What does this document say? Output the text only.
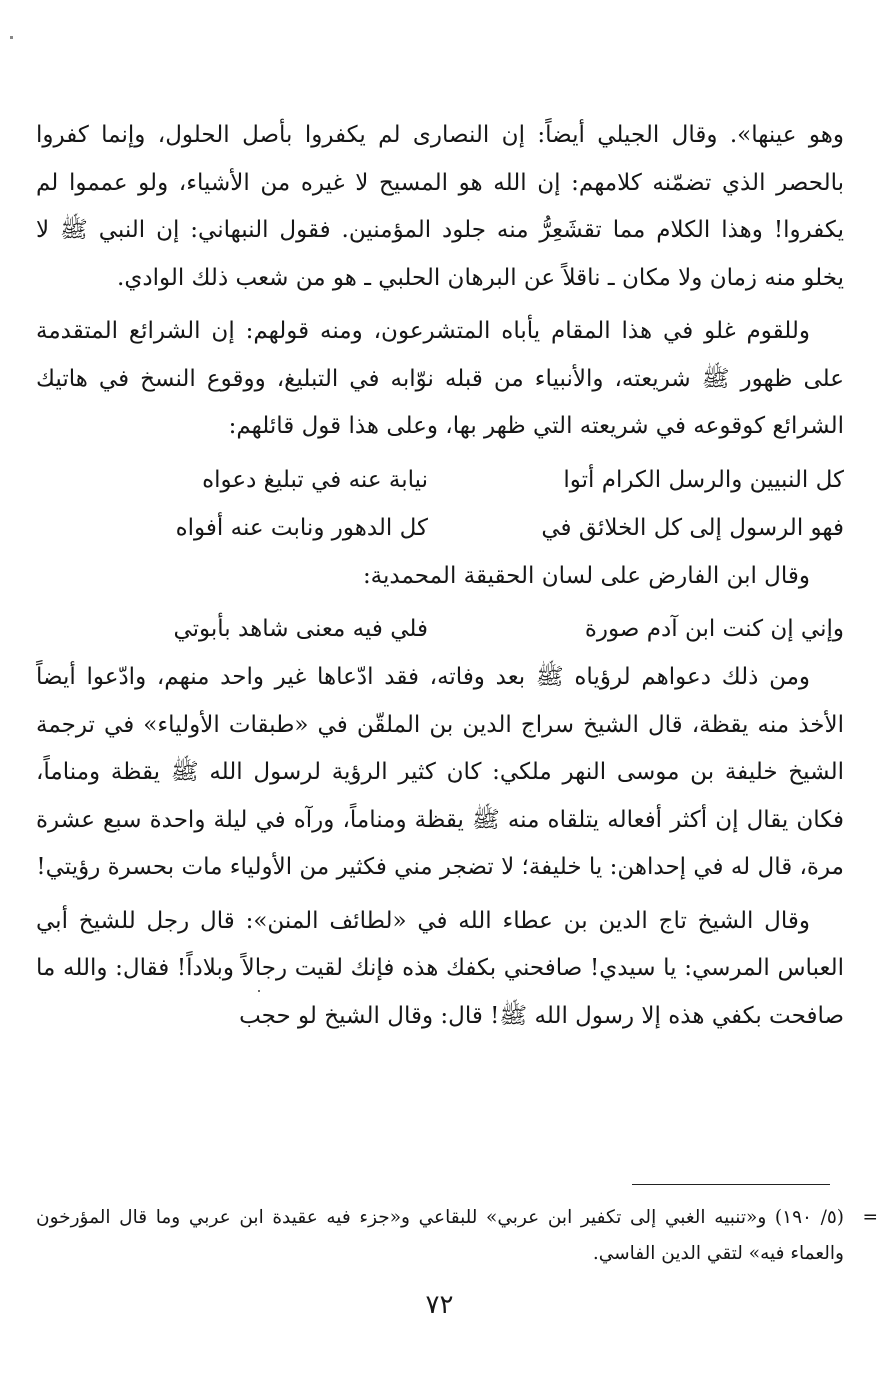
وهو عينها». وقال الجيلي أيضاً: إن النصارى لم يكفروا بأصل الحلول، وإنما كفروا بالحصر الذي تضمّنه كلامهم: إن الله هو المسيح لا غيره من الأشياء، ولو عمموا لم يكفروا! وهذا الكلام مما تقشَعِرُّ منه جلود المؤمنين. فقول النبهاني: إن النبي ﷺ لا يخلو منه زمان ولا مكان ـ ناقلاً عن البرهان الحلبي ـ هو من شعب ذلك الوادي.

وللقوم غلو في هذا المقام يأباه المتشرعون، ومنه قولهم: إن الشرائع المتقدمة على ظهور ﷺ شريعته، والأنبياء من قبله نوّابه في التبليغ، ووقوع النسخ في هاتيك الشرائع كوقوعه في شريعته التي ظهر بها، وعلى هذا قول قائلهم:

كل النبيين والرسل الكرام أتوا
نيابة عنه في تبليغ دعواه
فهو الرسول إلى كل الخلائق في
كل الدهور ونابت عنه أفواه

وقال ابن الفارض على لسان الحقيقة المحمدية:

وإني إن كنت ابن آدم صورة
فلي فيه معنى شاهد بأبوتي

ومن ذلك دعواهم لرؤياه ﷺ بعد وفاته، فقد ادّعاها غير واحد منهم، وادّعوا أيضاً الأخذ منه يقظة، قال الشيخ سراج الدين بن الملقّن في «طبقات الأولياء» في ترجمة الشيخ خليفة بن موسى النهر ملكي: كان كثير الرؤية لرسول الله ﷺ يقظة ومناماً، فكان يقال إن أكثر أفعاله يتلقاه منه ﷺ يقظة ومناماً، ورآه في ليلة واحدة سبع عشرة مرة، قال له في إحداهن: يا خليفة؛ لا تضجر مني فكثير من الأولياء مات بحسرة رؤيتي!

وقال الشيخ تاج الدين بن عطاء الله في «لطائف المنن»: قال رجل للشيخ أبي العباس المرسي: يا سيدي! صافحني بكفك هذه فإنك لقيت رجالاً وبلاداً! فقال: والله ما صافحت بكفي هذه إلا رسول الله ﷺ! قال: وقال الشيخ لو حجب

=
(٥/ ١٩٠) و«تنبيه الغبي إلى تكفير ابن عربي» للبقاعي و«جزء فيه عقيدة ابن عربي وما قال المؤرخون والعماء فيه» لتقي الدين الفاسي.
٧٢
